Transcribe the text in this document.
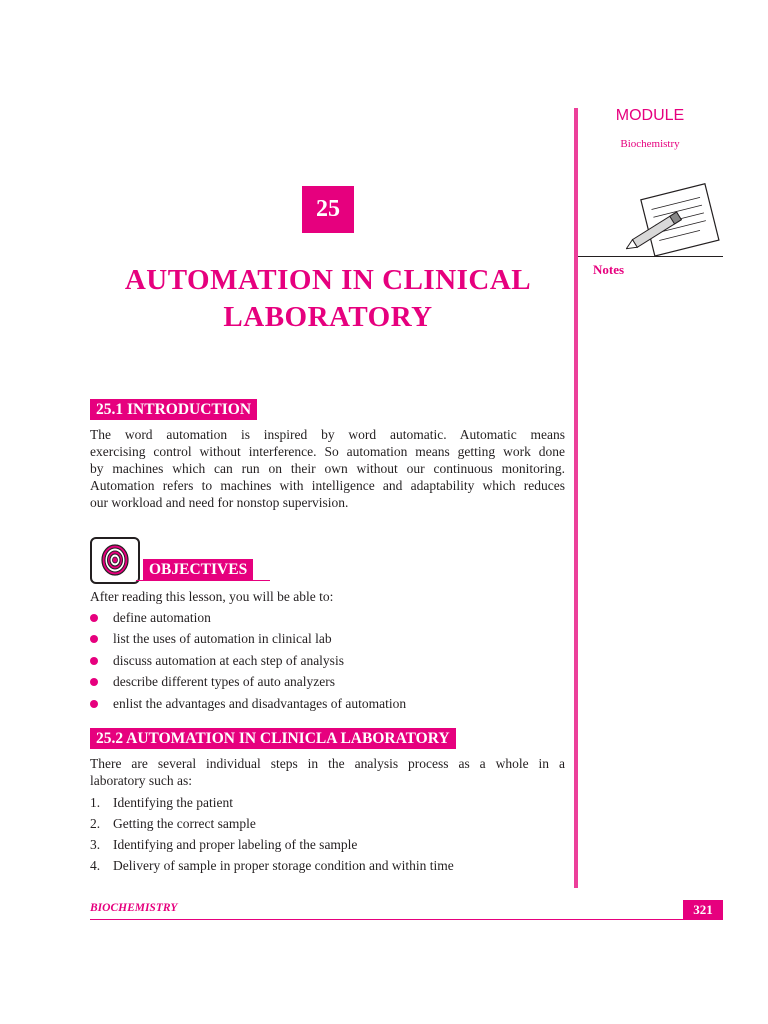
MODULE
Biochemistry
Notes
25
AUTOMATION IN CLINICAL
LABORATORY
25.1 INTRODUCTION
The word automation is inspired by word automatic. Automatic means
exercising control without interference. So automation means getting work done
by machines which can run on their own without our continuous monitoring.
Automation refers to machines with intelligence and adaptability which reduces
our workload and need for nonstop supervision.
OBJECTIVES
After reading this lesson, you will be able to:
define automation
list the uses of automation in clinical lab
discuss automation at each step of analysis
describe different types of auto analyzers
enlist the advantages and disadvantages of automation
25.2 AUTOMATION IN CLINICLA LABORATORY
There are several individual steps in the analysis process as a whole in a
laboratory such as:
1. Identifying the patient
2. Getting the correct sample
3. Identifying and proper labeling of the sample
4. Delivery of sample in proper storage condition and within time
BIOCHEMISTRY	321
